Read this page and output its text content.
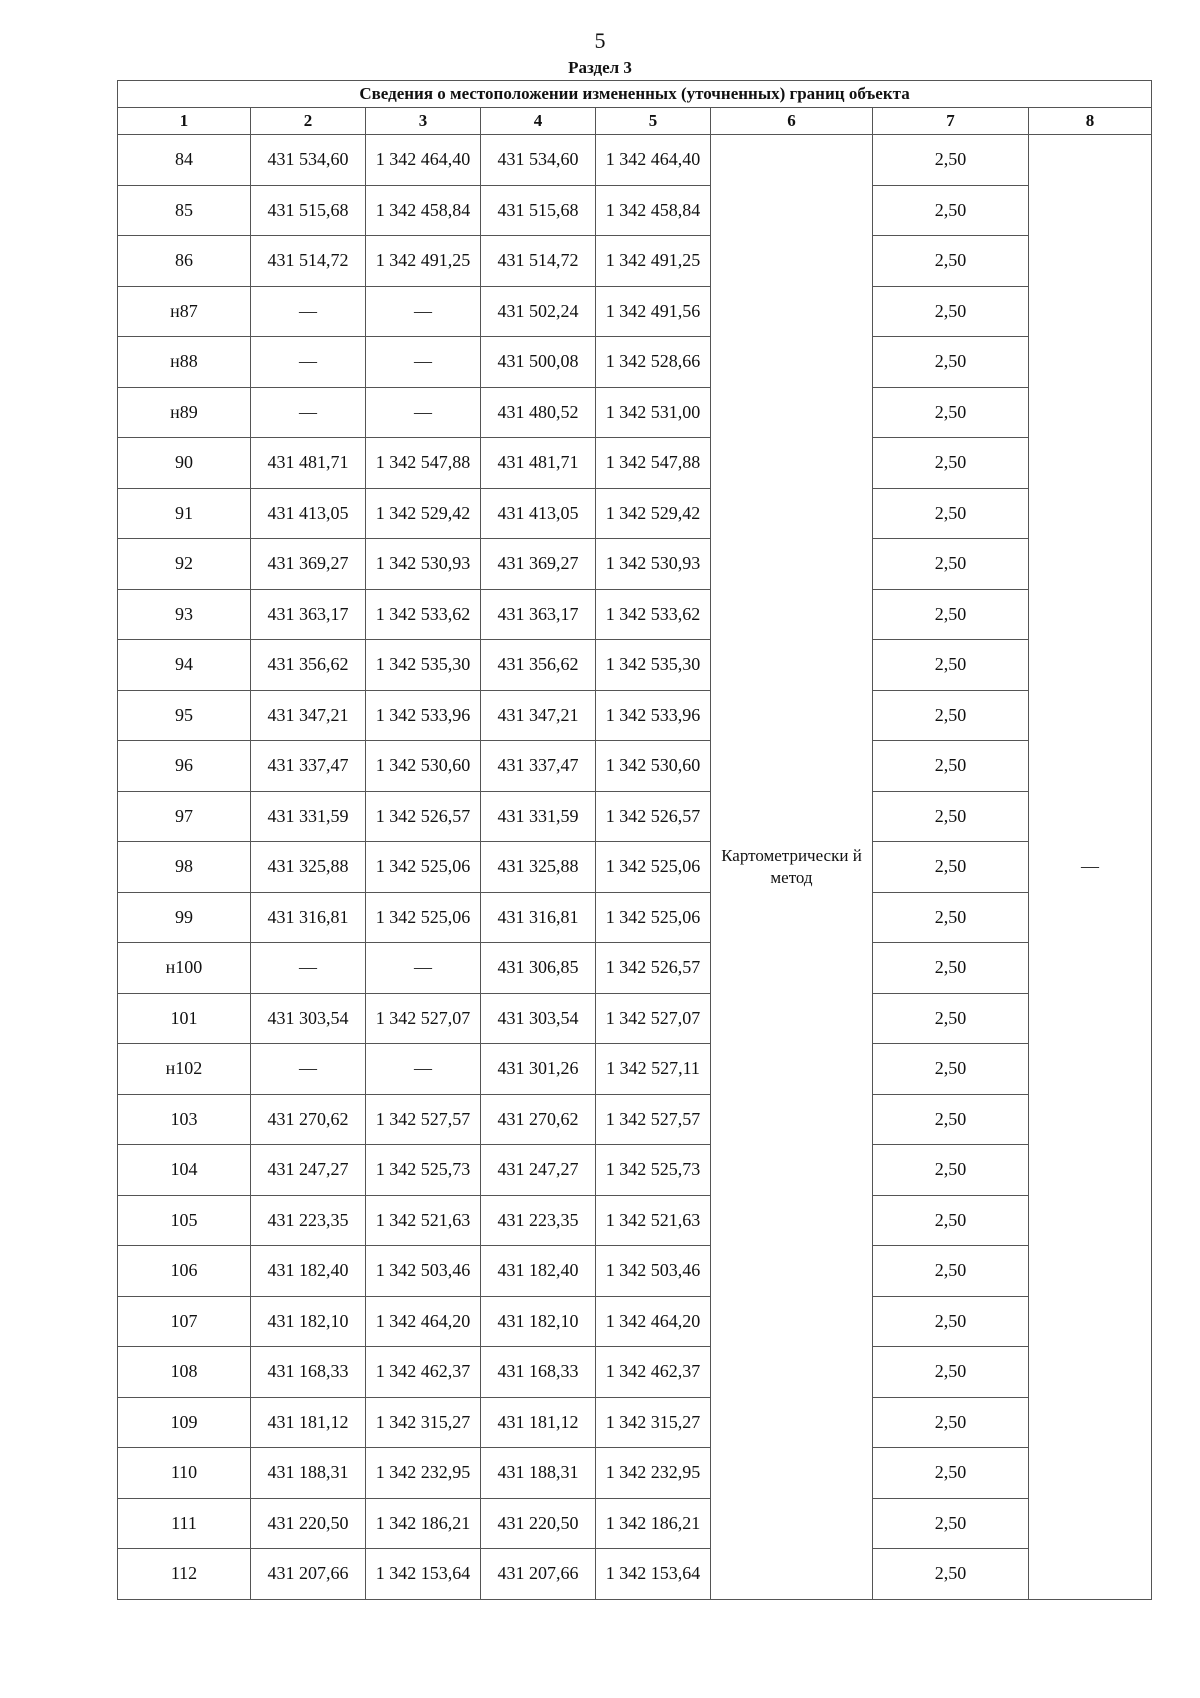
5
Раздел 3
Сведения о местоположении измененных (уточненных) границ объекта							
1	2	3	4	5	6	7	8
84	431 534,60	1 342 464,40	431 534,60	1 342 464,40	Картометрически й метод	2,50	—
85	431 515,68	1 342 458,84	431 515,68	1 342 458,84		2,50	
86	431 514,72	1 342 491,25	431 514,72	1 342 491,25		2,50	
н87	—	—	431 502,24	1 342 491,56		2,50	
н88	—	—	431 500,08	1 342 528,66		2,50	
н89	—	—	431 480,52	1 342 531,00		2,50	
90	431 481,71	1 342 547,88	431 481,71	1 342 547,88		2,50	
91	431 413,05	1 342 529,42	431 413,05	1 342 529,42		2,50	
92	431 369,27	1 342 530,93	431 369,27	1 342 530,93		2,50	
93	431 363,17	1 342 533,62	431 363,17	1 342 533,62		2,50	
94	431 356,62	1 342 535,30	431 356,62	1 342 535,30		2,50	
95	431 347,21	1 342 533,96	431 347,21	1 342 533,96		2,50	
96	431 337,47	1 342 530,60	431 337,47	1 342 530,60		2,50	
97	431 331,59	1 342 526,57	431 331,59	1 342 526,57		2,50	
98	431 325,88	1 342 525,06	431 325,88	1 342 525,06		2,50	
99	431 316,81	1 342 525,06	431 316,81	1 342 525,06		2,50	
н100	—	—	431 306,85	1 342 526,57		2,50	
101	431 303,54	1 342 527,07	431 303,54	1 342 527,07		2,50	
н102	—	—	431 301,26	1 342 527,11		2,50	
103	431 270,62	1 342 527,57	431 270,62	1 342 527,57		2,50	
104	431 247,27	1 342 525,73	431 247,27	1 342 525,73		2,50	
105	431 223,35	1 342 521,63	431 223,35	1 342 521,63		2,50	
106	431 182,40	1 342 503,46	431 182,40	1 342 503,46		2,50	
107	431 182,10	1 342 464,20	431 182,10	1 342 464,20		2,50	
108	431 168,33	1 342 462,37	431 168,33	1 342 462,37		2,50	
109	431 181,12	1 342 315,27	431 181,12	1 342 315,27		2,50	
110	431 188,31	1 342 232,95	431 188,31	1 342 232,95		2,50	
111	431 220,50	1 342 186,21	431 220,50	1 342 186,21		2,50	
112	431 207,66	1 342 153,64	431 207,66	1 342 153,64		2,50	
